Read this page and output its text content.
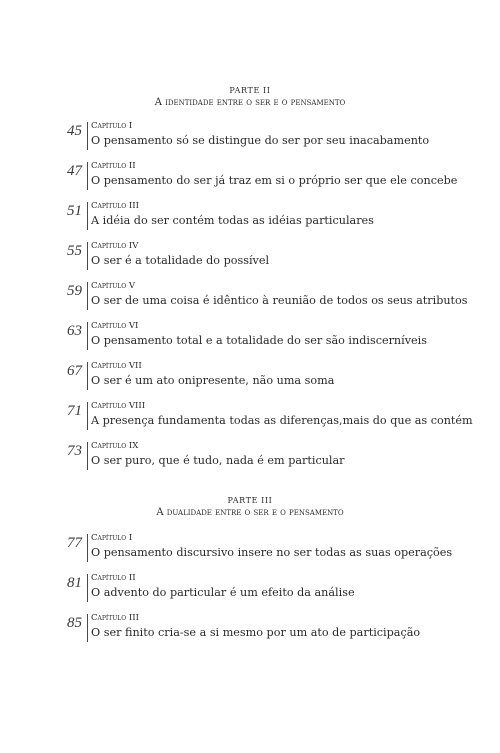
PARTE II
A identidade entre o ser e o pensamento
45 Capítulo I
O pensamento só se distingue do ser por seu inacabamento
47 Capítulo II
O pensamento do ser já traz em si o próprio ser que ele concebe
51 Capítulo III
A idéia do ser contém todas as idéias particulares
55 Capítulo IV
O ser é a totalidade do possível
59 Capítulo V
O ser de uma coisa é idêntico à reunião de todos os seus atributos
63 Capítulo VI
O pensamento total e a totalidade do ser são indiscerníveis
67 Capítulo VII
O ser é um ato onipresente, não uma soma
71 Capítulo VIII
A presença fundamenta todas as diferenças,mais do que as contém
73 Capítulo IX
O ser puro, que é tudo, nada é em particular
PARTE III
A dualidade entre o ser e o pensamento
77 Capítulo I
O pensamento discursivo insere no ser todas as suas operações
81 Capítulo II
O advento do particular é um efeito da análise
85 Capítulo III
O ser finito cria-se a si mesmo por um ato de participação
